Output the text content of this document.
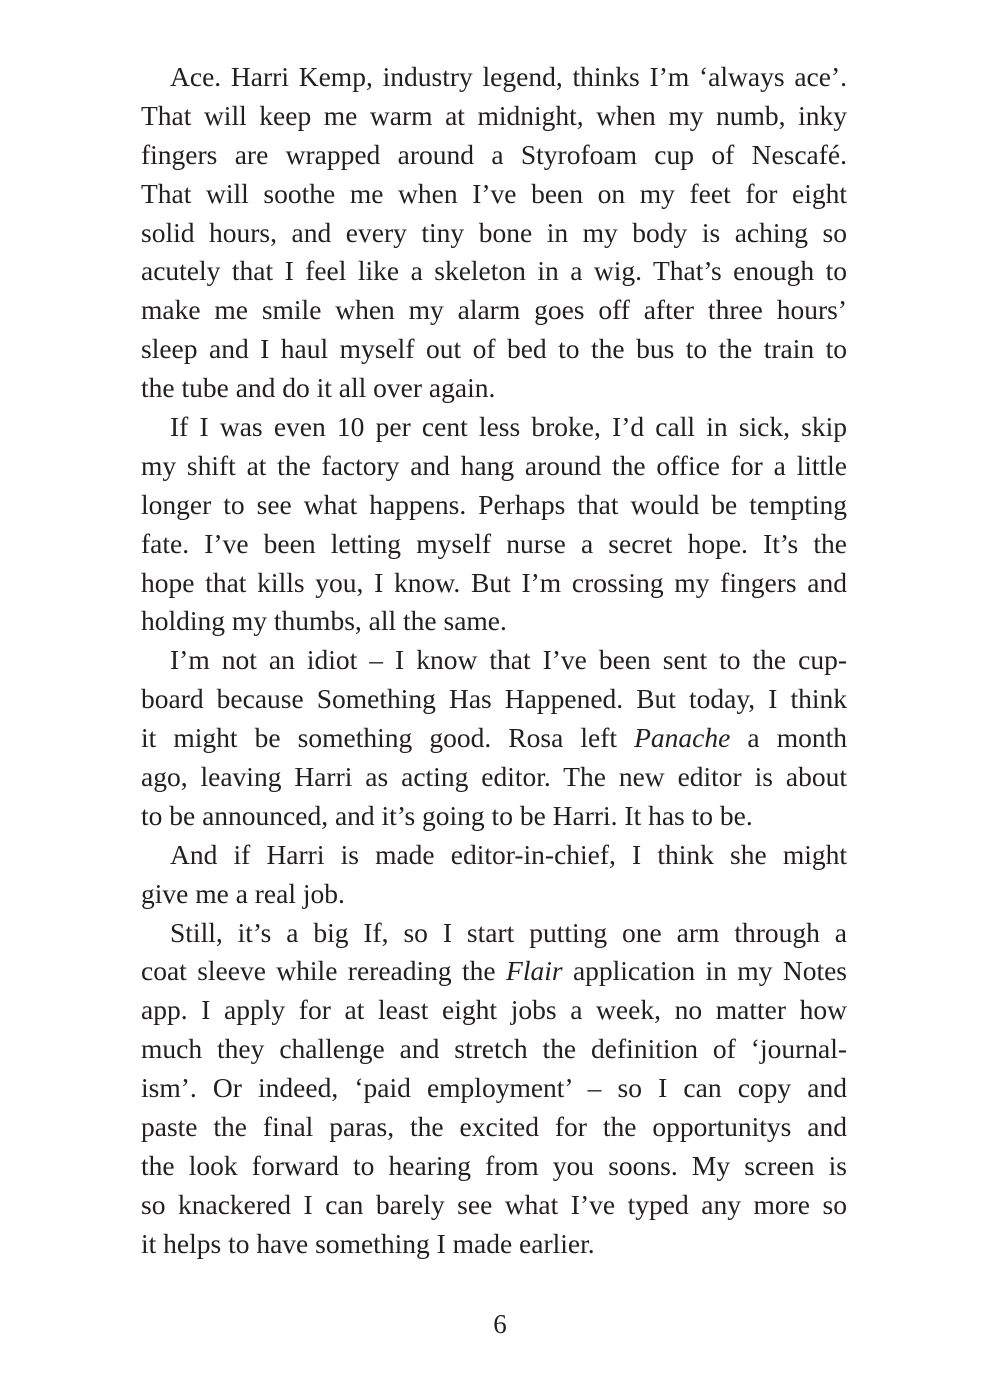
Ace. Harri Kemp, industry legend, thinks I’m ‘always ace’.
That will keep me warm at midnight, when my numb, inky
fingers are wrapped around a Styrofoam cup of Nescafé.
That will soothe me when I’ve been on my feet for eight
solid hours, and every tiny bone in my body is aching so
acutely that I feel like a skeleton in a wig. That’s enough to
make me smile when my alarm goes off after three hours’
sleep and I haul myself out of bed to the bus to the train to
the tube and do it all over again.
If I was even 10 per cent less broke, I’d call in sick, skip
my shift at the factory and hang around the office for a little
longer to see what happens. Perhaps that would be tempting
fate. I’ve been letting myself nurse a secret hope. It’s the
hope that kills you, I know. But I’m crossing my fingers and
holding my thumbs, all the same.
I’m not an idiot – I know that I’ve been sent to the cup-
board because Something Has Happened. But today, I think
it might be something good. Rosa left Panache a month
ago, leaving Harri as acting editor. The new editor is about
to be announced, and it’s going to be Harri. It has to be.
And if Harri is made editor-in-chief, I think she might
give me a real job.
Still, it’s a big If, so I start putting one arm through a
coat sleeve while rereading the Flair application in my Notes
app. I apply for at least eight jobs a week, no matter how
much they challenge and stretch the definition of ‘journal-
ism’. Or indeed, ‘paid employment’ – so I can copy and
paste the final paras, the excited for the opportunitys and
the look forward to hearing from you soons. My screen is
so knackered I can barely see what I’ve typed any more so
it helps to have something I made earlier.
6
